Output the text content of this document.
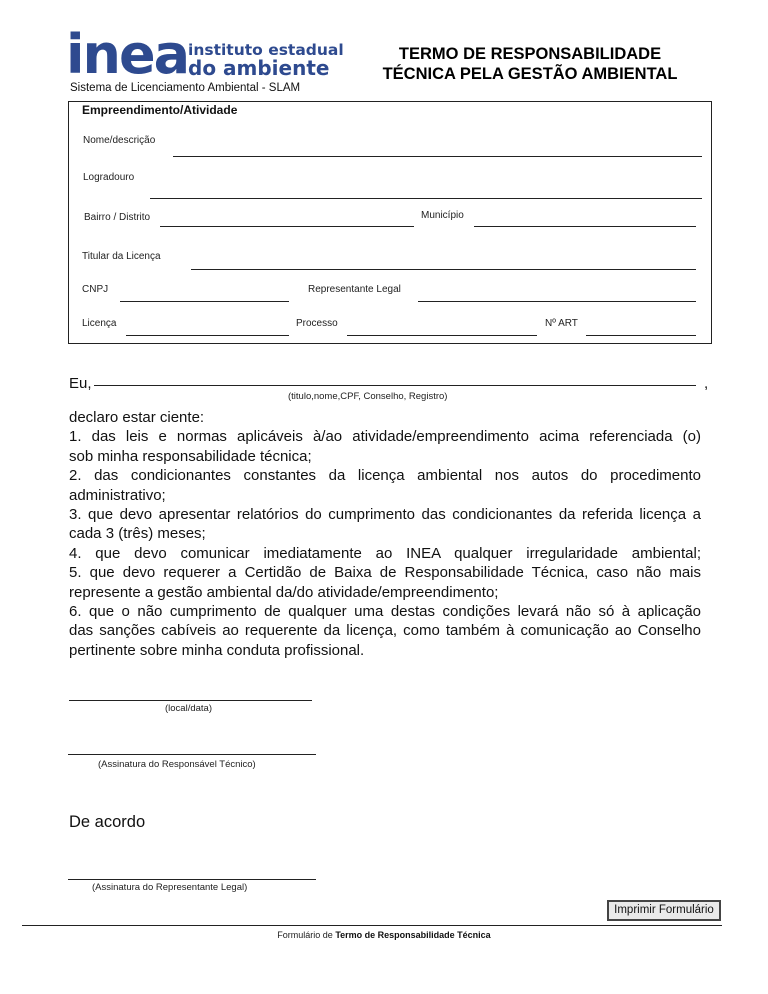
inea instituto estadual
do ambiente
Sistema de Licenciamento Ambiental - SLAM
TERMO DE RESPONSABILIDADE
TÉCNICA PELA GESTÃO AMBIENTAL
Empreendimento/Atividade
Nome/descrição
Logradouro
Bairro / Distrito	Município
Titular da Licença
CNPJ	Representante Legal
Licença	Processo	Nº ART
Eu,	,
(titulo,nome,CPF, Conselho, Registro)
declaro estar ciente:
1. das leis e normas aplicáveis à/ao atividade/empreendimento acima referenciada (o)
sob minha responsabilidade técnica;
2. das condicionantes constantes da licença ambiental nos autos do procedimento
administrativo;
3. que devo apresentar relatórios do cumprimento das condicionantes da referida licença a
cada 3 (três) meses;
4. que devo comunicar imediatamente ao INEA qualquer irregularidade ambiental;
5. que devo requerer a Certidão de Baixa de Responsabilidade Técnica, caso não mais
represente a gestão ambiental da/do atividade/empreendimento;
6. que o não cumprimento de qualquer uma destas condições levará não só à aplicação
das sanções cabíveis ao requerente da licença, como também à comunicação ao Conselho
pertinente sobre minha conduta profissional.
(local/data)
(Assinatura do Responsável Técnico)
De acordo
(Assinatura do Representante Legal)
Imprimir Formulário
Formulário de Termo de Responsabilidade Técnica
